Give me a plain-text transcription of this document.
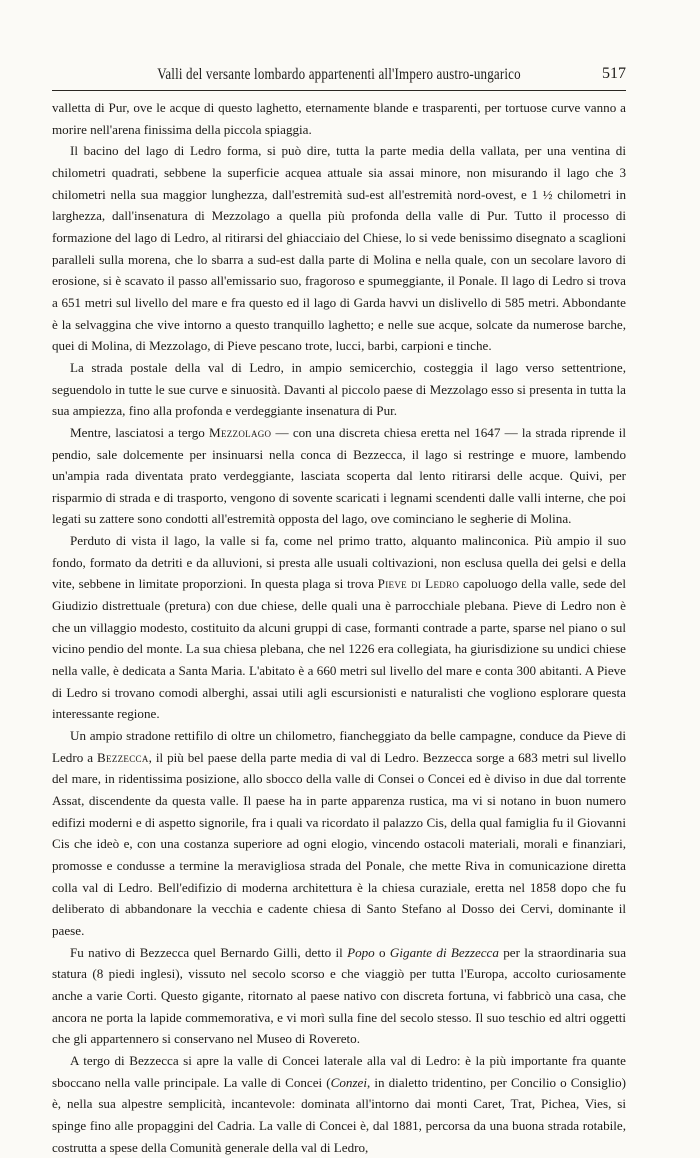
Valli del versante lombardo appartenenti all'Impero austro-ungarico	517

valletta di Pur, ove le acque di questo laghetto, eternamente blande e trasparenti, per tortuose curve vanno a morire nell'arena finissima della piccola spiaggia.

Il bacino del lago di Ledro forma, si può dire, tutta la parte media della vallata, per una ventina di chilometri quadrati, sebbene la superficie acquea attuale sia assai minore, non misurando il lago che 3 chilometri nella sua maggior lunghezza, dall'estremità sud-est all'estremità nord-ovest, e 1 ½ chilometri in larghezza, dall'insenatura di Mezzolago a quella più profonda della valle di Pur. Tutto il processo di formazione del lago di Ledro, al ritirarsi del ghiacciaio del Chiese, lo si vede benissimo disegnato a scaglioni paralleli sulla morena, che lo sbarra a sud-est dalla parte di Molina e nella quale, con un secolare lavoro di erosione, si è scavato il passo all'emissario suo, fragoroso e spumeggiante, il Ponale. Il lago di Ledro si trova a 651 metri sul livello del mare e fra questo ed il lago di Garda havvi un dislivello di 585 metri. Abbondante è la selvaggina che vive intorno a questo tranquillo laghetto; e nelle sue acque, solcate da numerose barche, quei di Molina, di Mezzolago, di Pieve pescano trote, lucci, barbi, carpioni e tinche.

La strada postale della val di Ledro, in ampio semicerchio, costeggia il lago verso settentrione, seguendolo in tutte le sue curve e sinuosità. Davanti al piccolo paese di Mezzolago esso si presenta in tutta la sua ampiezza, fino alla profonda e verdeggiante insenatura di Pur.

Mentre, lasciatosi a tergo Mezzolago — con una discreta chiesa eretta nel 1647 — la strada riprende il pendio, sale dolcemente per insinuarsi nella conca di Bezzecca, il lago si restringe e muore, lambendo un'ampia rada diventata prato verdeggiante, lasciata scoperta dal lento ritirarsi delle acque. Quivi, per risparmio di strada e di trasporto, vengono di sovente scaricati i legnami scendenti dalle valli interne, che poi legati su zattere sono condotti all'estremità opposta del lago, ove cominciano le segherie di Molina.

Perduto di vista il lago, la valle si fa, come nel primo tratto, alquanto malinconica. Più ampio il suo fondo, formato da detriti e da alluvioni, si presta alle usuali coltivazioni, non esclusa quella dei gelsi e della vite, sebbene in limitate proporzioni. In questa plaga si trova Pieve di Ledro capoluogo della valle, sede del Giudizio distrettuale (pretura) con due chiese, delle quali una è parrocchiale plebana. Pieve di Ledro non è che un villaggio modesto, costituito da alcuni gruppi di case, formanti contrade a parte, sparse nel piano o sul vicino pendio del monte. La sua chiesa plebana, che nel 1226 era collegiata, ha giurisdizione su undici chiese nella valle, è dedicata a Santa Maria. L'abitato è a 660 metri sul livello del mare e conta 300 abitanti. A Pieve di Ledro si trovano comodi alberghi, assai utili agli escursionisti e naturalisti che vogliono esplorare questa interessante regione.

Un ampio stradone rettifilo di oltre un chilometro, fiancheggiato da belle campagne, conduce da Pieve di Ledro a Bezzecca, il più bel paese della parte media di val di Ledro. Bezzecca sorge a 683 metri sul livello del mare, in ridentissima posizione, allo sbocco della valle di Consei o Concei ed è diviso in due dal torrente Assat, discendente da questa valle. Il paese ha in parte apparenza rustica, ma vi si notano in buon numero edifizi moderni e di aspetto signorile, fra i quali va ricordato il palazzo Cis, della qual famiglia fu il Giovanni Cis che ideò e, con una costanza superiore ad ogni elogio, vincendo ostacoli materiali, morali e finanziari, promosse e condusse a termine la meravigliosa strada del Ponale, che mette Riva in comunicazione diretta colla val di Ledro. Bell'edifizio di moderna architettura è la chiesa curaziale, eretta nel 1858 dopo che fu deliberato di abbandonare la vecchia e cadente chiesa di Santo Stefano al Dosso dei Cervi, dominante il paese.

Fu nativo di Bezzecca quel Bernardo Gilli, detto il Popo o Gigante di Bezzecca per la straordinaria sua statura (8 piedi inglesi), vissuto nel secolo scorso e che viaggiò per tutta l'Europa, accolto curiosamente anche a varie Corti. Questo gigante, ritornato al paese nativo con discreta fortuna, vi fabbricò una casa, che ancora ne porta la lapide commemorativa, e vi morì sulla fine del secolo stesso. Il suo teschio ed altri oggetti che gli appartennero si conservano nel Museo di Rovereto.

A tergo di Bezzecca si apre la valle di Concei laterale alla val di Ledro: è la più importante fra quante sboccano nella valle principale. La valle di Concei (Conzei, in dialetto tridentino, per Concilio o Consiglio) è, nella sua alpestre semplicità, incantevole: dominata all'intorno dai monti Caret, Trat, Pichea, Vies, si spinge fino alle propaggini del Cadria. La valle di Concei è, dal 1881, percorsa da una buona strada rotabile, costrutta a spese della Comunità generale della val di Ledro,
